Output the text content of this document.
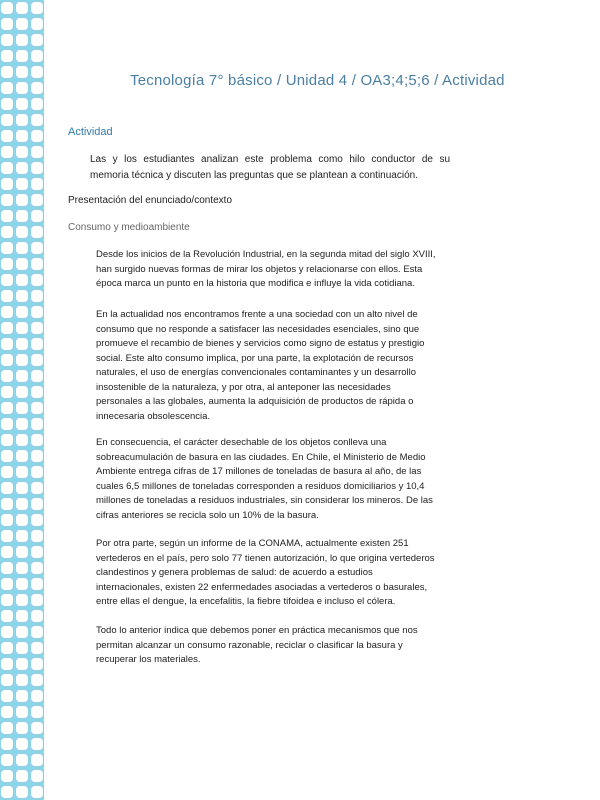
Tecnología 7° básico / Unidad 4 / OA3;4;5;6 / Actividad
Actividad
Las y los estudiantes analizan este problema como hilo conductor de su memoria técnica y discuten las preguntas que se plantean a continuación.
Presentación del enunciado/contexto
Consumo y medioambiente
Desde los inicios de la Revolución Industrial, en la segunda mitad del siglo XVIII, han surgido nuevas formas de mirar los objetos y relacionarse con ellos. Esta época marca un punto en la historia que modifica e influye la vida cotidiana.
En la actualidad nos encontramos frente a una sociedad con un alto nivel de consumo que no responde a satisfacer las necesidades esenciales, sino que promueve el recambio de bienes y servicios como signo de estatus y prestigio social. Este alto consumo implica, por una parte, la explotación de recursos naturales, el uso de energías convencionales contaminantes y un desarrollo insostenible de la naturaleza, y por otra, al anteponer las necesidades personales a las globales, aumenta la adquisición de productos de rápida o innecesaria obsolescencia.
En consecuencia, el carácter desechable de los objetos conlleva una sobreacumulación de basura en las ciudades. En Chile, el Ministerio de Medio Ambiente entrega cifras de 17 millones de toneladas de basura al año, de las cuales 6,5 millones de toneladas corresponden a residuos domiciliarios y 10,4 millones de toneladas a residuos industriales, sin considerar los mineros. De las cifras anteriores se recicla solo un 10% de la basura.
Por otra parte, según un informe de la CONAMA, actualmente existen 251 vertederos en el país, pero solo 77 tienen autorización, lo que origina vertederos clandestinos y genera problemas de salud: de acuerdo a estudios internacionales, existen 22 enfermedades asociadas a vertederos o basurales, entre ellas el dengue, la encefalitis, la fiebre tifoidea e incluso el cólera.
Todo lo anterior indica que debemos poner en práctica mecanismos que nos permitan alcanzar un consumo razonable, reciclar o clasificar la basura y recuperar los materiales.
